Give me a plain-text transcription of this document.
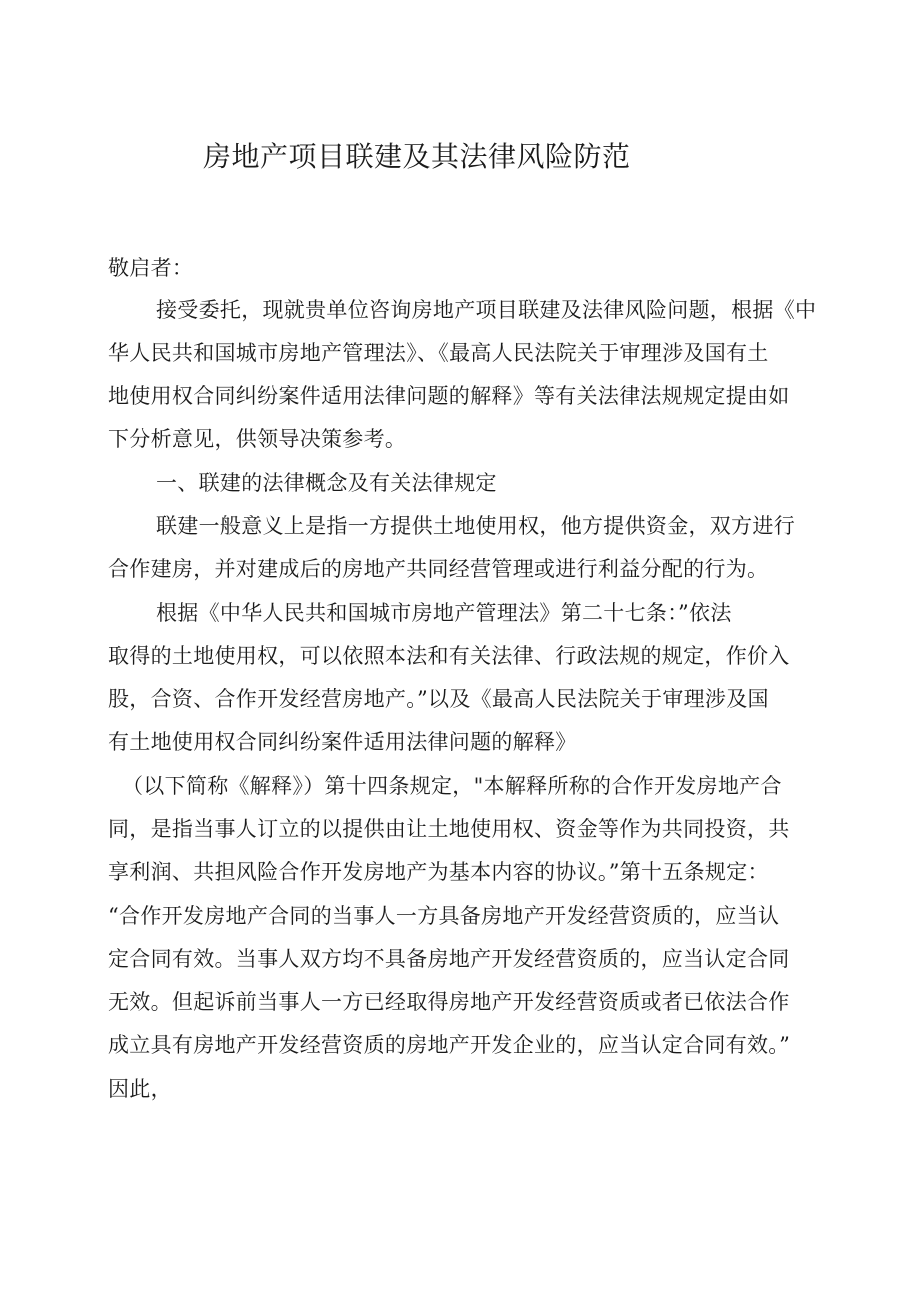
房地产项目联建及其法律风险防范
敬启者：
接受委托，现就贵单位咨询房地产项目联建及法律风险问题，根据《中
华人民共和国城市房地产管理法》、《最高人民法院关于审理涉及国有土
地使用权合同纠纷案件适用法律问题的解释》等有关法律法规规定提由如
下分析意见，供领导决策参考。
一、联建的法律概念及有关法律规定
联建一般意义上是指一方提供土地使用权，他方提供资金，双方进行
合作建房，并对建成后的房地产共同经营管理或进行利益分配的行为。
根据《中华人民共和国城市房地产管理法》第二十七条：”依法
取得的土地使用权，可以依照本法和有关法律、行政法规的规定，作价入
股，合资、合作开发经营房地产。”以及《最高人民法院关于审理涉及国
有土地使用权合同纠纷案件适用法律问题的解释》
（以下简称《解释》）第十四条规定，"本解释所称的合作开发房地产合
同，是指当事人订立的以提供由让土地使用权、资金等作为共同投资，共
享利润、共担风险合作开发房地产为基本内容的协议。”第十五条规定：
“合作开发房地产合同的当事人一方具备房地产开发经营资质的，应当认
定合同有效。当事人双方均不具备房地产开发经营资质的，应当认定合同
无效。但起诉前当事人一方已经取得房地产开发经营资质或者已依法合作
成立具有房地产开发经营资质的房地产开发企业的，应当认定合同有效。”
因此，
